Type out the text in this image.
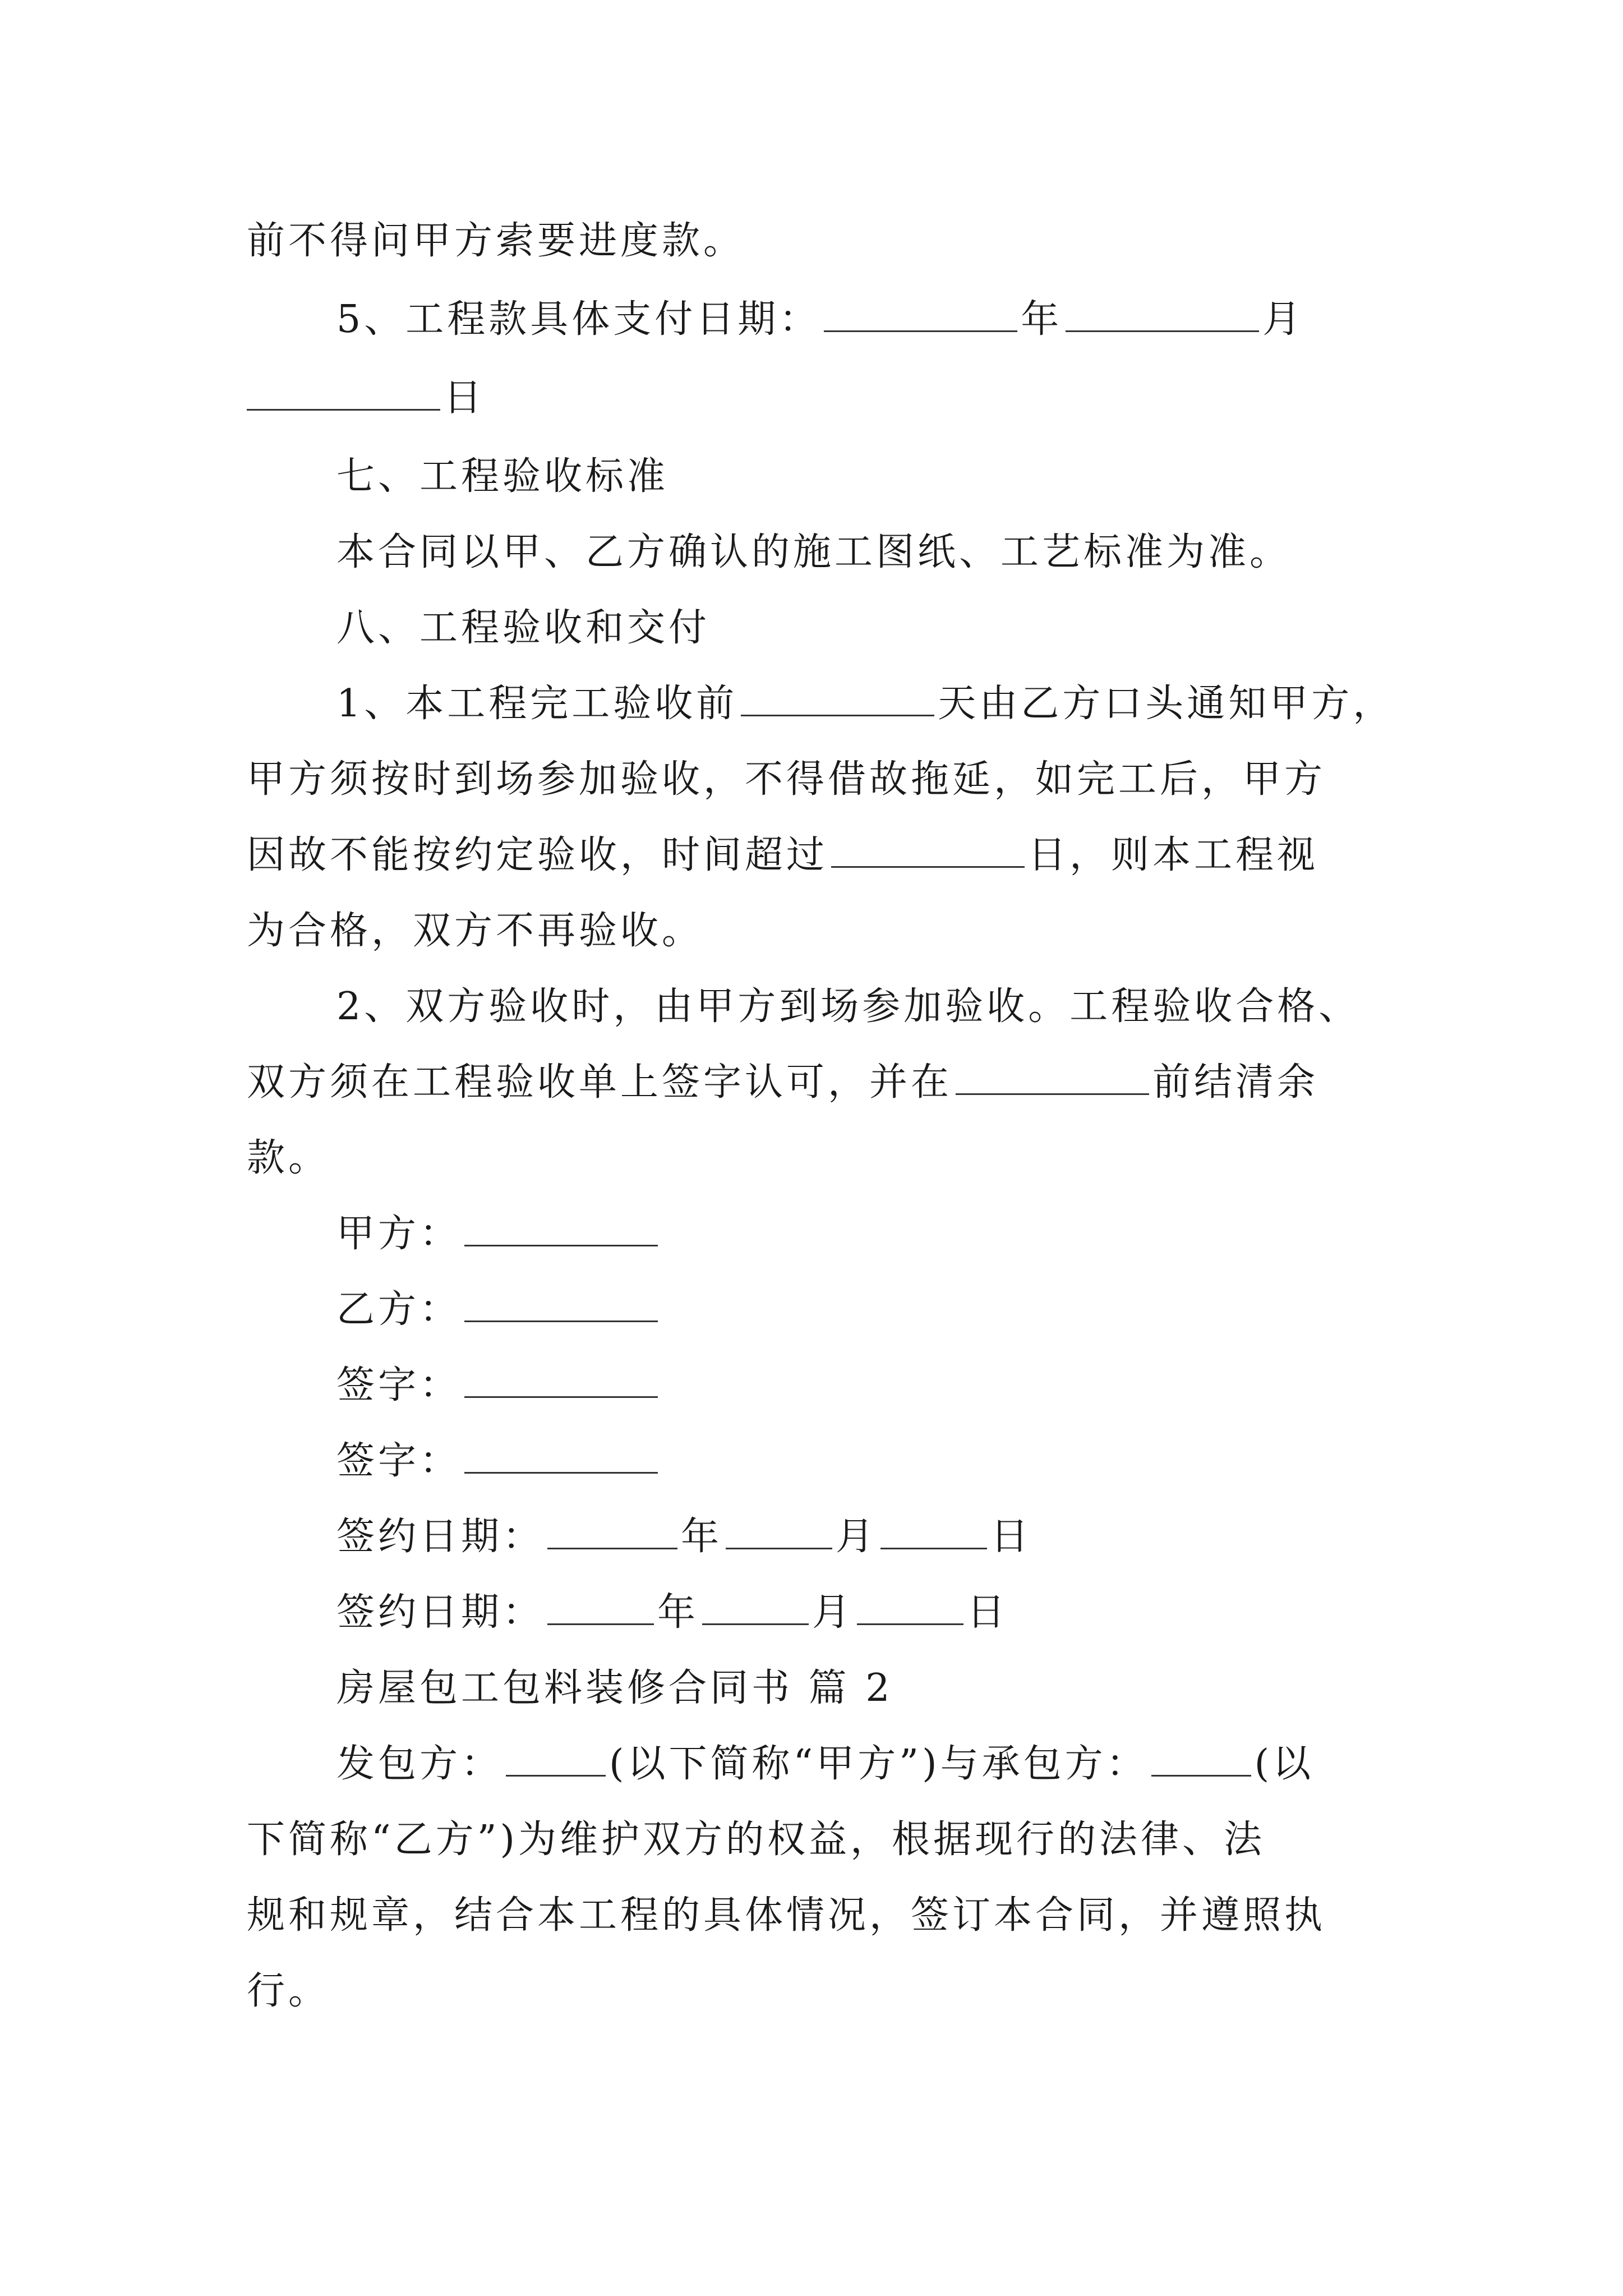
前不得问甲方索要进度款。
5、工程款具体支付日期：	年	月
日
七、工程验收标准
本合同以甲、乙方确认的施工图纸、工艺标准为准。
八、工程验收和交付
1、本工程完工验收前	天由乙方口头通知甲方，
甲方须按时到场参加验收，不得借故拖延，如完工后，甲方
因故不能按约定验收，时间超过	日，则本工程视
为合格，双方不再验收。
2、双方验收时，由甲方到场参加验收。工程验收合格、
双方须在工程验收单上签字认可，并在	前结清余
款。
甲方：
乙方：
签字：
签字：
签约日期：	年	月	日
签约日期：	年	月	日
房屋包工包料装修合同书 篇 2
发包方：	(以下简称“甲方”)与承包方：	(以
下简称“乙方”)为维护双方的权益，根据现行的法律、法
规和规章，结合本工程的具体情况，签订本合同，并遵照执
行。
